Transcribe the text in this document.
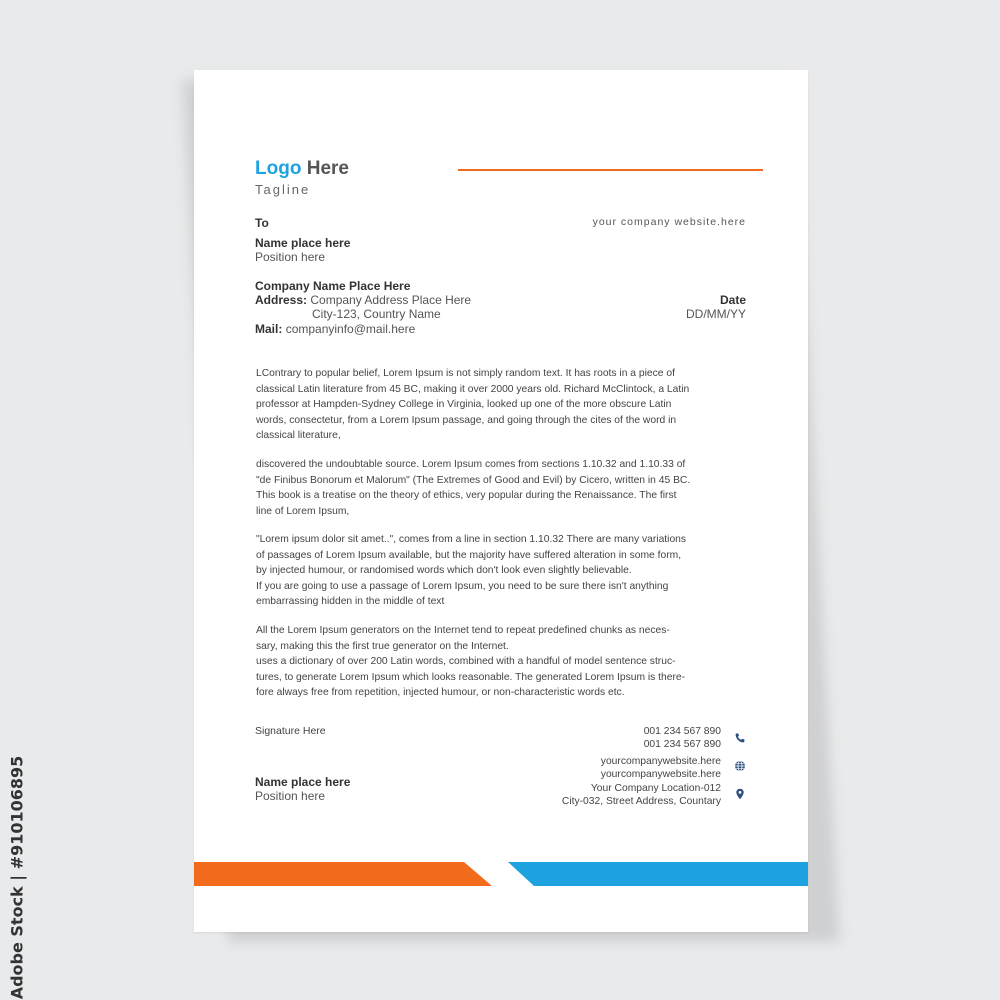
Logo Here
Tagline
To	your company website.here
Name place here
Position here
Company Name Place Here
Address: Company Address Place Here
City-123, Country Name
Mail: companyinfo@mail.here
Date
DD/MM/YY

LContrary to popular belief, Lorem Ipsum is not simply random text. It has roots in a piece of

classical Latin literature from 45 BC, making it over 2000 years old. Richard McClintock, a Latin

professor at Hampden-Sydney College in Virginia, looked up one of the more obscure Latin

words, consectetur, from a Lorem Ipsum passage, and going through the cites of the word in

classical literature,

discovered the undoubtable source. Lorem Ipsum comes from sections 1.10.32 and 1.10.33 of

"de Finibus Bonorum et Malorum" (The Extremes of Good and Evil) by Cicero, written in 45 BC.

This book is a treatise on the theory of ethics, very popular during the Renaissance. The first

line of Lorem Ipsum,

"Lorem ipsum dolor sit amet..", comes from a line in section 1.10.32 There are many variations

of passages of Lorem Ipsum available, but the majority have suffered alteration in some form,

by injected humour, or randomised words which don't look even slightly believable.

If you are going to use a passage of Lorem Ipsum, you need to be sure there isn't anything

embarrassing hidden in the middle of text

All the Lorem Ipsum generators on the Internet tend to repeat predefined chunks as neces-

sary, making this the first true generator on the Internet.

uses a dictionary of over 200 Latin words, combined with a handful of model sentence struc-

tures, to generate Lorem Ipsum which looks reasonable. The generated Lorem Ipsum is there-

fore always free from repetition, injected humour, or non-characteristic words etc.

Signature Here
Name place here
Position here
001 234 567 890
001 234 567 890
yourcompanywebsite.here
yourcompanywebsite.here
Your Company Location-012
City-032, Street Address, Countary
Adobe Stock | #910106895
